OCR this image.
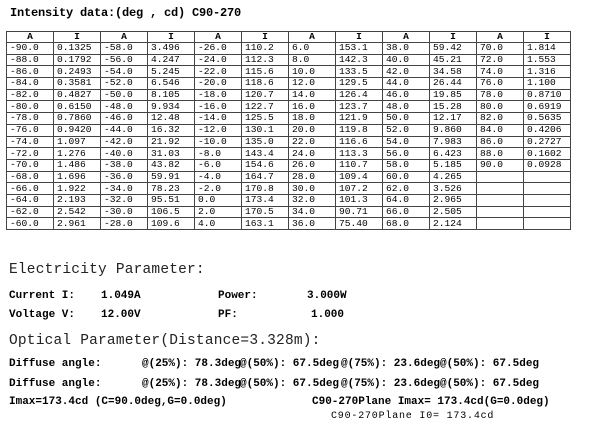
Intensity data:(deg , cd) C90-270
A	I	A	I	A	I	A	I	A	I	A	I
-90.0	0.1325	-58.0	3.496	-26.0	110.2	6.0	153.1	38.0	59.42	70.0	1.814
-88.0	0.1792	-56.0	4.247	-24.0	112.3	8.0	142.3	40.0	45.21	72.0	1.553
-86.0	0.2493	-54.0	5.245	-22.0	115.6	10.0	133.5	42.0	34.58	74.0	1.316
-84.0	0.3581	-52.0	6.546	-20.0	118.6	12.0	129.5	44.0	26.44	76.0	1.100
-82.0	0.4827	-50.0	8.105	-18.0	120.7	14.0	126.4	46.0	19.85	78.0	0.8710
-80.0	0.6150	-48.0	9.934	-16.0	122.7	16.0	123.7	48.0	15.28	80.0	0.6919
-78.0	0.7860	-46.0	12.48	-14.0	125.5	18.0	121.9	50.0	12.17	82.0	0.5635
-76.0	0.9420	-44.0	16.32	-12.0	130.1	20.0	119.8	52.0	9.860	84.0	0.4206
-74.0	1.097	-42.0	21.92	-10.0	135.0	22.0	116.6	54.0	7.983	86.0	0.2727
-72.0	1.276	-40.0	31.03	-8.0	143.4	24.0	113.3	56.0	6.423	88.0	0.1602
-70.0	1.486	-38.0	43.82	-6.0	154.6	26.0	110.7	58.0	5.185	90.0	0.0928
-68.0	1.696	-36.0	59.91	-4.0	164.7	28.0	109.4	60.0	4.265		
-66.0	1.922	-34.0	78.23	-2.0	170.8	30.0	107.2	62.0	3.526		
-64.0	2.193	-32.0	95.51	0.0	173.4	32.0	101.3	64.0	2.965		
-62.0	2.542	-30.0	106.5	2.0	170.5	34.0	90.71	66.0	2.505		
-60.0	2.961	-28.0	109.6	4.0	163.1	36.0	75.40	68.0	2.124		
Electricity Parameter:
Current I: 1.049A	Power:	3.000W
Voltage V: 12.00V	PF:	1.000
Optical Parameter(Distance=3.328m):
Diffuse angle:	@(25%): 78.3deg
@(50%): 67.5deg @(75%): 23.6deg @(50%): 67.5deg
Diffuse angle:	@(25%): 78.3deg
@(50%): 67.5deg @(75%): 23.6deg @(50%): 67.5deg
Imax=173.4cd (C=90.0deg,G=0.0deg)	C90-270Plane Imax= 173.4cd(G=0.0deg)
C90-270Plane I0= 173.4cd
